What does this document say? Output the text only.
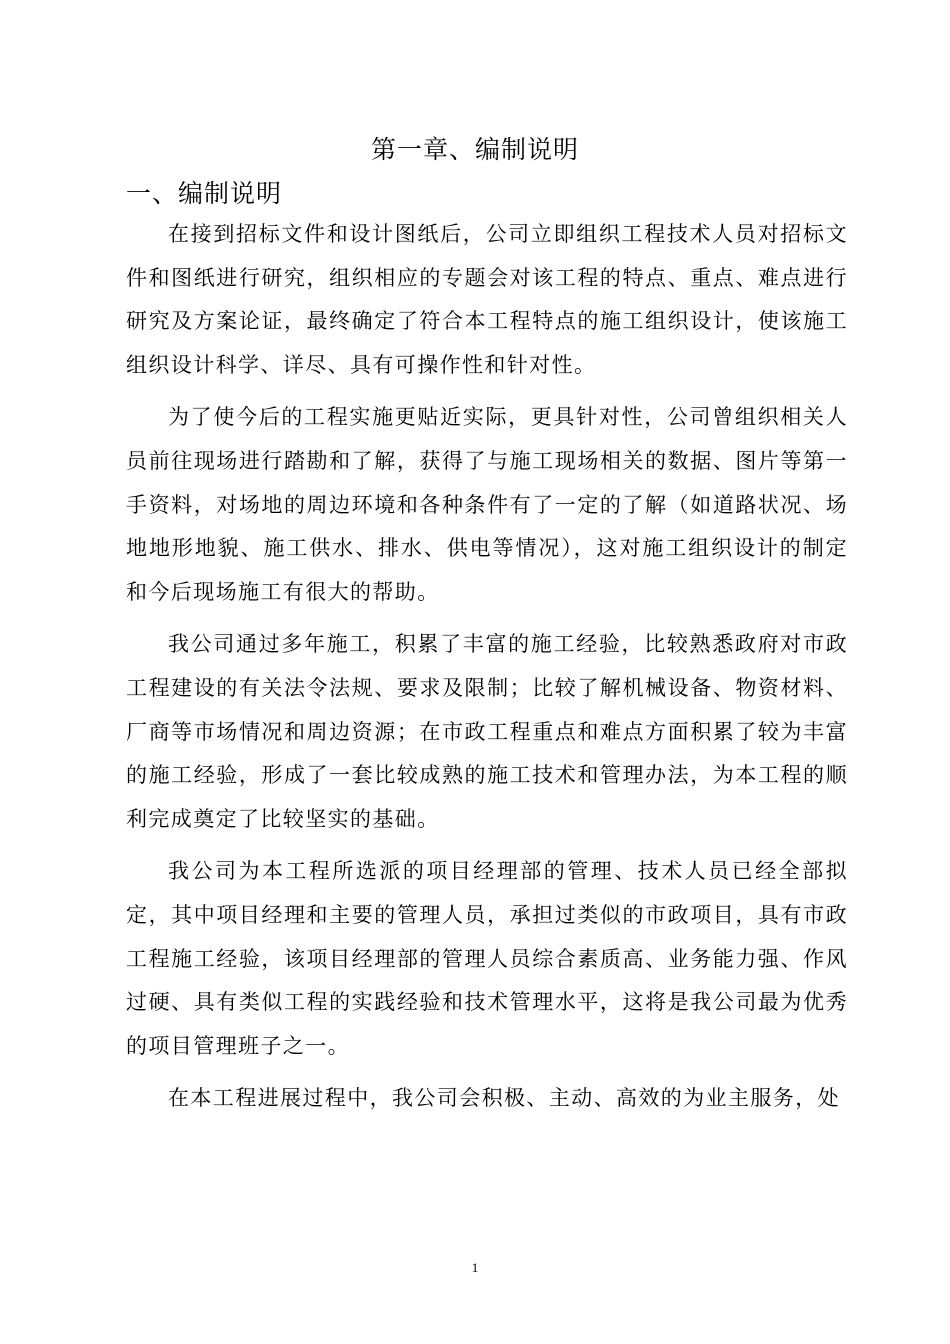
第一章、编制说明
一、编制说明

在接到招标文件和设计图纸后，公司立即组织工程技术人员对招标文件和图纸进行研究，组织相应的专题会对该工程的特点、重点、难点进行研究及方案论证，最终确定了符合本工程特点的施工组织设计，使该施工组织设计科学、详尽、具有可操作性和针对性。

为了使今后的工程实施更贴近实际，更具针对性，公司曾组织相关人员前往现场进行踏勘和了解，获得了与施工现场相关的数据、图片等第一手资料，对场地的周边环境和各种条件有了一定的了解（如道路状况、场地地形地貌、施工供水、排水、供电等情况），这对施工组织设计的制定和今后现场施工有很大的帮助。

我公司通过多年施工，积累了丰富的施工经验，比较熟悉政府对市政工程建设的有关法令法规、要求及限制；比较了解机械设备、物资材料、厂商等市场情况和周边资源；在市政工程重点和难点方面积累了较为丰富的施工经验，形成了一套比较成熟的施工技术和管理办法，为本工程的顺利完成奠定了比较坚实的基础。

我公司为本工程所选派的项目经理部的管理、技术人员已经全部拟定，其中项目经理和主要的管理人员，承担过类似的市政项目，具有市政工程施工经验，该项目经理部的管理人员综合素质高、业务能力强、作风过硬、具有类似工程的实践经验和技术管理水平，这将是我公司最为优秀的项目管理班子之一。

在本工程进展过程中，我公司会积极、主动、高效的为业主服务，处

1
